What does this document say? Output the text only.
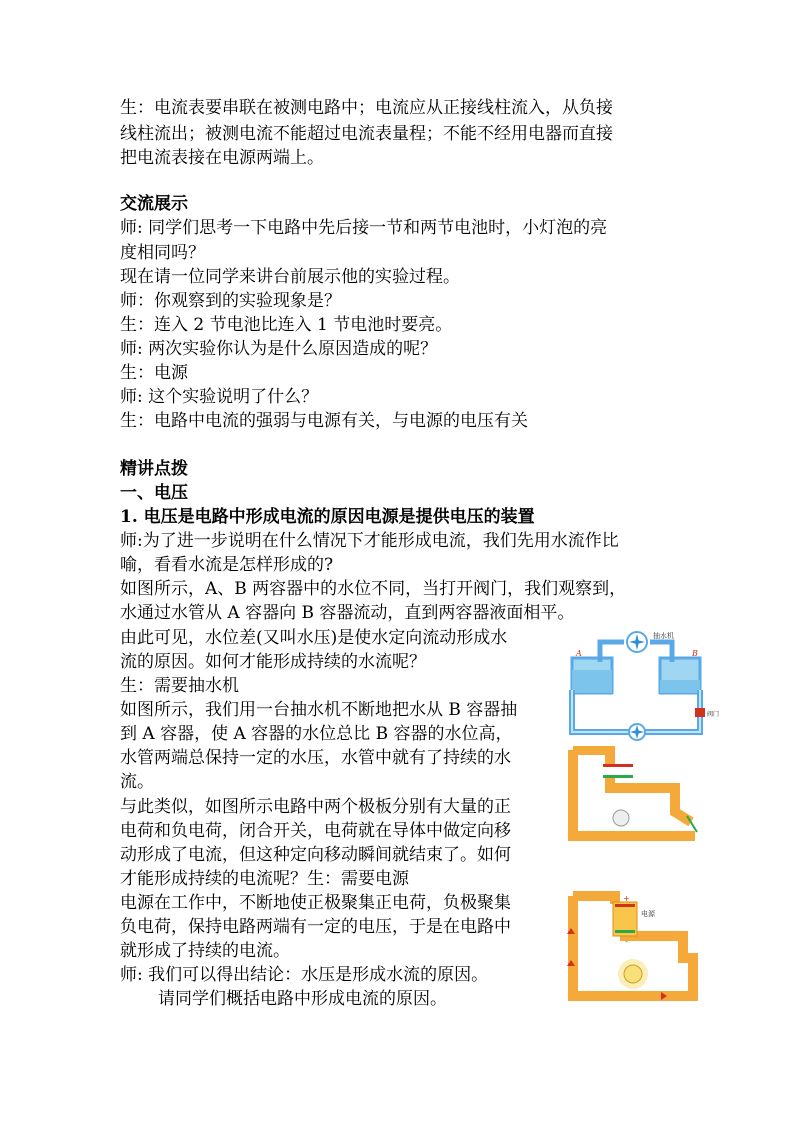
生：电流表要串联在被测电路中；电流应从正接线柱流入，从负接
线柱流出；被测电流不能超过电流表量程；不能不经用电器而直接
把电流表接在电源两端上。
交流展示
师: 同学们思考一下电路中先后接一节和两节电池时，小灯泡的亮
度相同吗？
现在请一位同学来讲台前展示他的实验过程。
师：你观察到的实验现象是？
生：连入 2 节电池比连入 1 节电池时要亮。
师: 两次实验你认为是什么原因造成的呢？
生：电源
师: 这个实验说明了什么？
生：电路中电流的强弱与电源有关，与电源的电压有关
精讲点拨
一、电压
1. 电压是电路中形成电流的原因电源是提供电压的装置
师:为了进一步说明在什么情况下才能形成电流，我们先用水流作比
喻，看看水流是怎样形成的?
如图所示，A、B 两容器中的水位不同，当打开阀门，我们观察到，
水通过水管从 A 容器向 B 容器流动，直到两容器液面相平。
由此可见，水位差(又叫水压)是使水定向流动形成水
流的原因。如何才能形成持续的水流呢？
生：需要抽水机
如图所示，我们用一台抽水机不断地把水从 B 容器抽
到 A 容器，使 A 容器的水位总比 B 容器的水位高，
水管两端总保持一定的水压，水管中就有了持续的水
流。
与此类似，如图所示电路中两个极板分别有大量的正
电荷和负电荷，闭合开关，电荷就在导体中做定向移
动形成了电流，但这种定向移动瞬间就结束了。如何
才能形成持续的电流呢？生：需要电源
电源在工作中，不断地使正极聚集正电荷，负极聚集
负电荷，保持电路两端有一定的电压，于是在电路中
就形成了持续的电流。
师: 我们可以得出结论：水压是形成水流的原因。
请同学们概括电路中形成电流的原因。
抽水机
A	B
阀门
+
-
电源
